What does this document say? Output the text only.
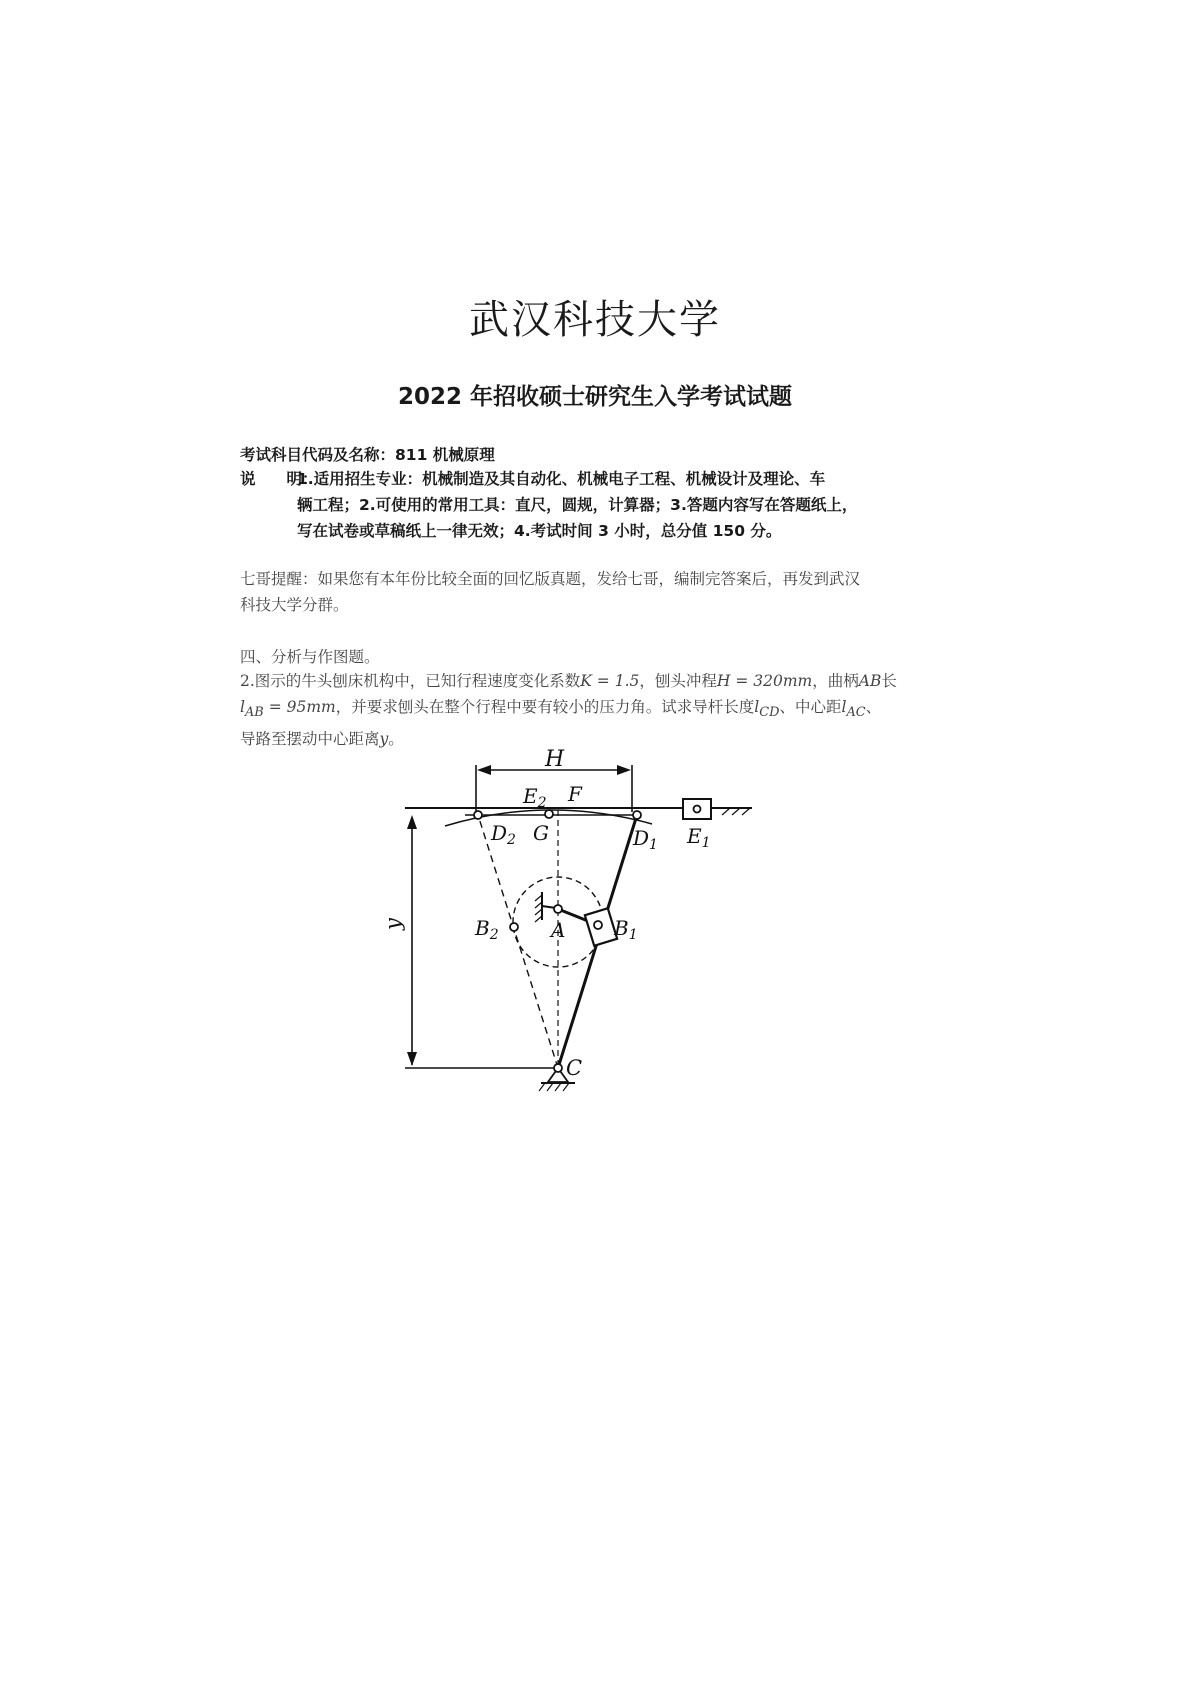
武汉科技大学
2022 年招收硕士研究生入学考试试题
考试科目代码及名称：811 机械原理
说　　明：
1.适用招生专业：机械制造及其自动化、机械电子工程、机械设计及理论、车
辆工程；2.可使用的常用工具：直尺，圆规，计算器；3.答题内容写在答题纸上，
写在试卷或草稿纸上一律无效；4.考试时间 3 小时，总分值 150 分。
七哥提醒：如果您有本年份比较全面的回忆版真题，发给七哥，编制完答案后，再发到武汉
科技大学分群。
四、分析与作图题。
2.图示的牛头刨床机构中，已知行程速度变化系数K = 1.5，刨头冲程H = 320mm，曲柄AB长
$l_{AB} = 95mm$，并要求刨头在整个行程中要有较小的压力角。试求导杆长度$l_{CD}$、中心距$l_{AC}$、
导路至摆动中心距离y。
H
$E_2$ F
$D_2$ G	$D_1$ $E_1$
y	$B_2$	A $B_1$
C
